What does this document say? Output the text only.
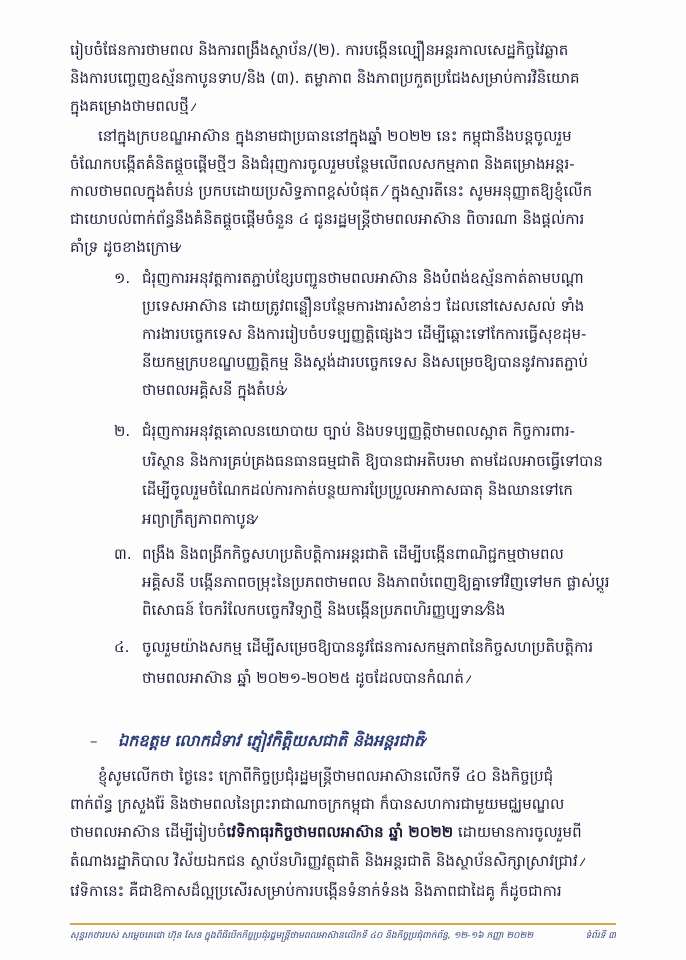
រៀបចំផែនការថាមពល និងការពង្រឹងស្ថាប័ន/(២). ការបង្កើនល្បឿនអន្តរកាលសេដ្ឋកិច្ចវៃឆ្លាត
និងការបញ្ចេញឧស្ម័នកាបូនទាប/និង (៣). តម្លាភាព និងភាពប្រកួតប្រជែងសម្រាប់ការវិនិយោគ
ក្នុងគម្រោងថាមពលថ្មី ⁄
នៅក្នុងក្របខណ្ឌអាស៊ាន ក្នុងនាមជាប្រធាននៅក្នុងឆ្នាំ ២០២២ នេះ កម្ពុជានឹងបន្តចូលរួម
ចំណែកបង្កើតគំនិតផ្តួចផ្តើមថ្មីៗ និងជំរុញការចូលរួមបន្ថែមលើពលសកម្មភាព និងគម្រោងអន្តរ-
កាលថាមពលក្នុងតំបន់ ប្រកបដោយប្រសិទ្ធភាពខ្ពស់បំផុត ⁄ ក្នុងស្មារតីនេះ សូមអនុញ្ញាតឱ្យខ្ញុំលើក
ជាយោបល់ពាក់ព័ន្ធនឹងគំនិតផ្តួចផ្តើមចំនួន ៤ ជូនរដ្ឋមន្ត្រីថាមពលអាស៊ាន ពិចារណា និងផ្តល់ការ
គាំទ្រ ដូចខាងក្រោម⁄
១. ជំរុញការអនុវត្តការតភ្ជាប់ខ្សែបញ្ជូនថាមពលអាស៊ាន និងបំពង់ឧស្ម័នកាត់តាមបណ្តា
ប្រទេសអាស៊ាន ដោយត្រូវពន្លឿនបន្ថែមការងារសំខាន់ៗ ដែលនៅសេសសល់ ទាំង
ការងារបច្ចេកទេស និងការរៀបចំបទប្បញ្ញត្តិផ្សេងៗ ដើម្បីឆ្ពោះទៅកែការធ្វើសុខដុម-
នីយកម្មក្របខណ្ឌបញ្ញត្តិកម្ម និងស្តង់ដារបច្ចេកទេស និងសម្រេចឱ្យបាននូវការតភ្ជាប់
ថាមពលអគ្គិសនី ក្នុងតំបន់⁄
២. ជំរុញការអនុវត្តគោលនយោបាយ ច្បាប់ និងបទប្បញ្ញត្តិថាមពលស្អាត កិច្ចការពារ-
បរិស្ថាន និងការគ្រប់គ្រងធនធានធម្មជាតិ ឱ្យបានជាអតិបរមា តាមដែលអាចធ្វើទៅបាន
ដើម្បីចូលរួមចំណែកដល់ការកាត់បន្ថយការប្រែប្រួលអាកាសធាតុ និងឈានទៅកេ
អព្យាក្រឹត្យភាពកាបូន⁄
៣. ពង្រឹង និងពង្រីកកិច្ចសហប្រតិបត្តិការអន្តរជាតិ ដើម្បីបង្កើនពាណិជ្ជកម្មថាមពល
អគ្គិសនី បង្កើនភាពចម្រុះនៃប្រភពថាមពល និងភាពបំពេញឱ្យគ្នាទៅវិញទៅមក ផ្លាស់ប្តូរ
ពិសោធន៍ ចែករំលែកបច្ចេកវិទ្យាថ្មី និងបង្កើនប្រភពហិរញ្ញប្បទាន⁄និង
៤. ចូលរួមយ៉ាងសកម្ម ដើម្បីសម្រេចឱ្យបាននូវផែនការសកម្មភាពនៃកិច្ចសហប្រតិបត្តិការ
ថាមពលអាស៊ាន ឆ្នាំ ២០២១-២០២៥ ដូចដែលបានកំណត់ ⁄
– ឯកឧត្តម លោកជំទាវ ភ្ញៀវកិត្តិយសជាតិ និងអន្តរជាតិ⁄
ខ្ញុំសូមលើកថា ថ្ងៃនេះ ក្រោពីកិច្ចប្រជុំរដ្ឋមន្ត្រីថាមពលអាស៊ានលើកទី ៤០ និងកិច្ចប្រជុំ
ពាក់ព័ន្ធ ក្រសួងរ៉ែ និងថាមពលនៃព្រះរាជាណាចក្រកម្ពុជា ក៏បានសហការជាមួយមជ្ឈមណ្ឌល
ថាមពលអាស៊ាន ដើម្បីរៀបចំវេទិកាធុរកិច្ចថាមពលអាស៊ាន ឆ្នាំ ២០២២ ដោយមានការចូលរួមពី
តំណាងរដ្ឋាភិបាល វិស័យឯកជន ស្ថាប័នហិរញ្ញវត្ថុជាតិ និងអន្តរជាតិ និងស្ថាប័នសិក្សាស្រាវជ្រាវ ⁄
វេទិកានេះ គឺជាឱកាសដ៏ល្អប្រសើរសម្រាប់ការបង្កើនទំនាក់ទំនង និងភាពជាដៃគូ ក៏ដូចជាការ
សុន្ទរកថារបស់ សម្តេចតេជោ ហ៊ុន សែន ក្នុងពិធីបើកកិច្ចប្រជុំរដ្ឋមន្ត្រីថាមពលអាស៊ានលើកទី ៤០ និងកិច្ចប្រជុំពាក់ព័ន្ធ, ១២-១៦ កញ្ញា ២០២២	ទំព័រទី ៣
